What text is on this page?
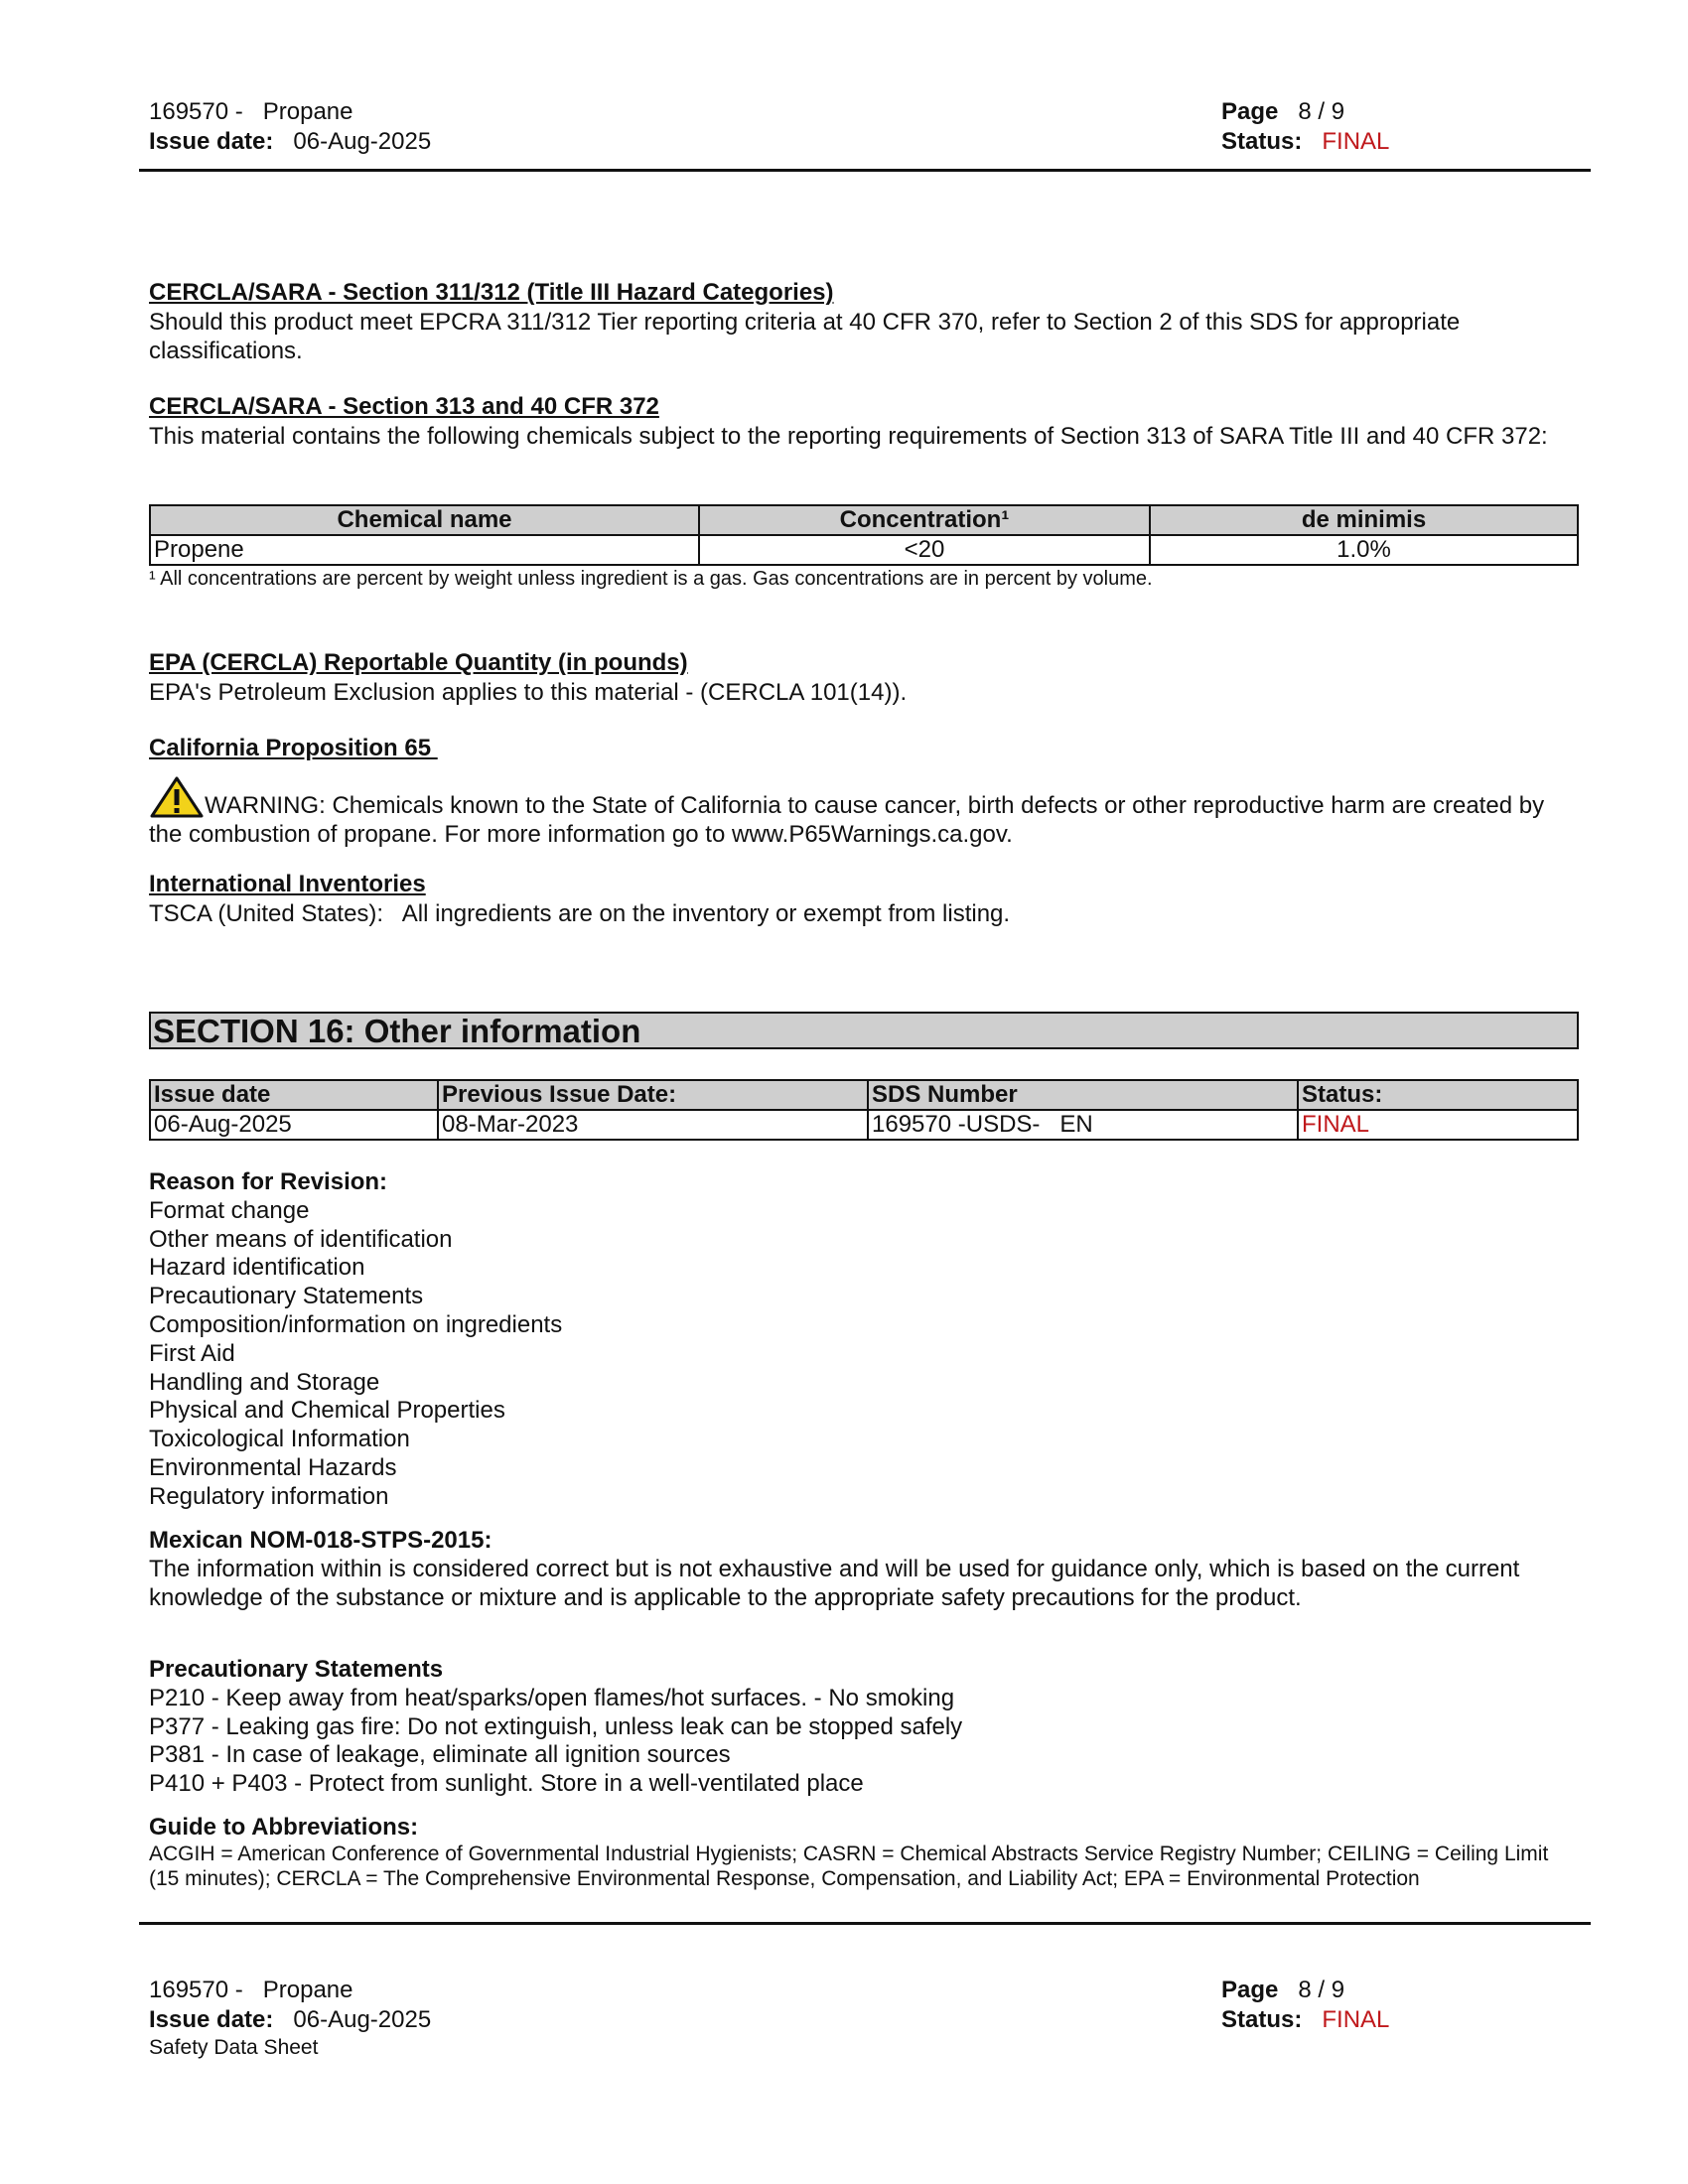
169570 - Propane
Issue date: 06-Aug-2025
Page 8 / 9
Status: FINAL
CERCLA/SARA - Section 311/312 (Title III Hazard Categories)
Should this product meet EPCRA 311/312 Tier reporting criteria at 40 CFR 370, refer to Section 2 of this SDS for appropriate classifications.
CERCLA/SARA - Section 313 and 40 CFR 372
This material contains the following chemicals subject to the reporting requirements of Section 313 of SARA Title III and 40 CFR 372:
Chemical name	Concentration¹	de minimis
Propene	<20	1.0%
¹ All concentrations are percent by weight unless ingredient is a gas. Gas concentrations are in percent by volume.
EPA (CERCLA) Reportable Quantity (in pounds)
EPA's Petroleum Exclusion applies to this material - (CERCLA 101(14)).
California Proposition 65
WARNING: Chemicals known to the State of California to cause cancer, birth defects or other reproductive harm are created by the combustion of propane. For more information go to www.P65Warnings.ca.gov.
International Inventories
TSCA (United States):   All ingredients are on the inventory or exempt from listing.
SECTION 16: Other information
Issue date	Previous Issue Date:	SDS Number	Status:
06-Aug-2025	08-Mar-2023	169570 -USDS-   EN	FINAL
Reason for Revision:
Format change
Other means of identification
Hazard identification
Precautionary Statements
Composition/information on ingredients
First Aid
Handling and Storage
Physical and Chemical Properties
Toxicological Information
Environmental Hazards
Regulatory information
Mexican NOM-018-STPS-2015:
The information within is considered correct but is not exhaustive and will be used for guidance only, which is based on the current knowledge of the substance or mixture and is applicable to the appropriate safety precautions for the product.
Precautionary Statements
P210 - Keep away from heat/sparks/open flames/hot surfaces. - No smoking
P377 - Leaking gas fire: Do not extinguish, unless leak can be stopped safely
P381 - In case of leakage, eliminate all ignition sources
P410 + P403 - Protect from sunlight. Store in a well-ventilated place
Guide to Abbreviations:
ACGIH = American Conference of Governmental Industrial Hygienists; CASRN = Chemical Abstracts Service Registry Number; CEILING = Ceiling Limit (15 minutes); CERCLA = The Comprehensive Environmental Response, Compensation, and Liability Act; EPA = Environmental Protection
169570 - Propane
Issue date: 06-Aug-2025
Safety Data Sheet
Page 8 / 9
Status: FINAL
